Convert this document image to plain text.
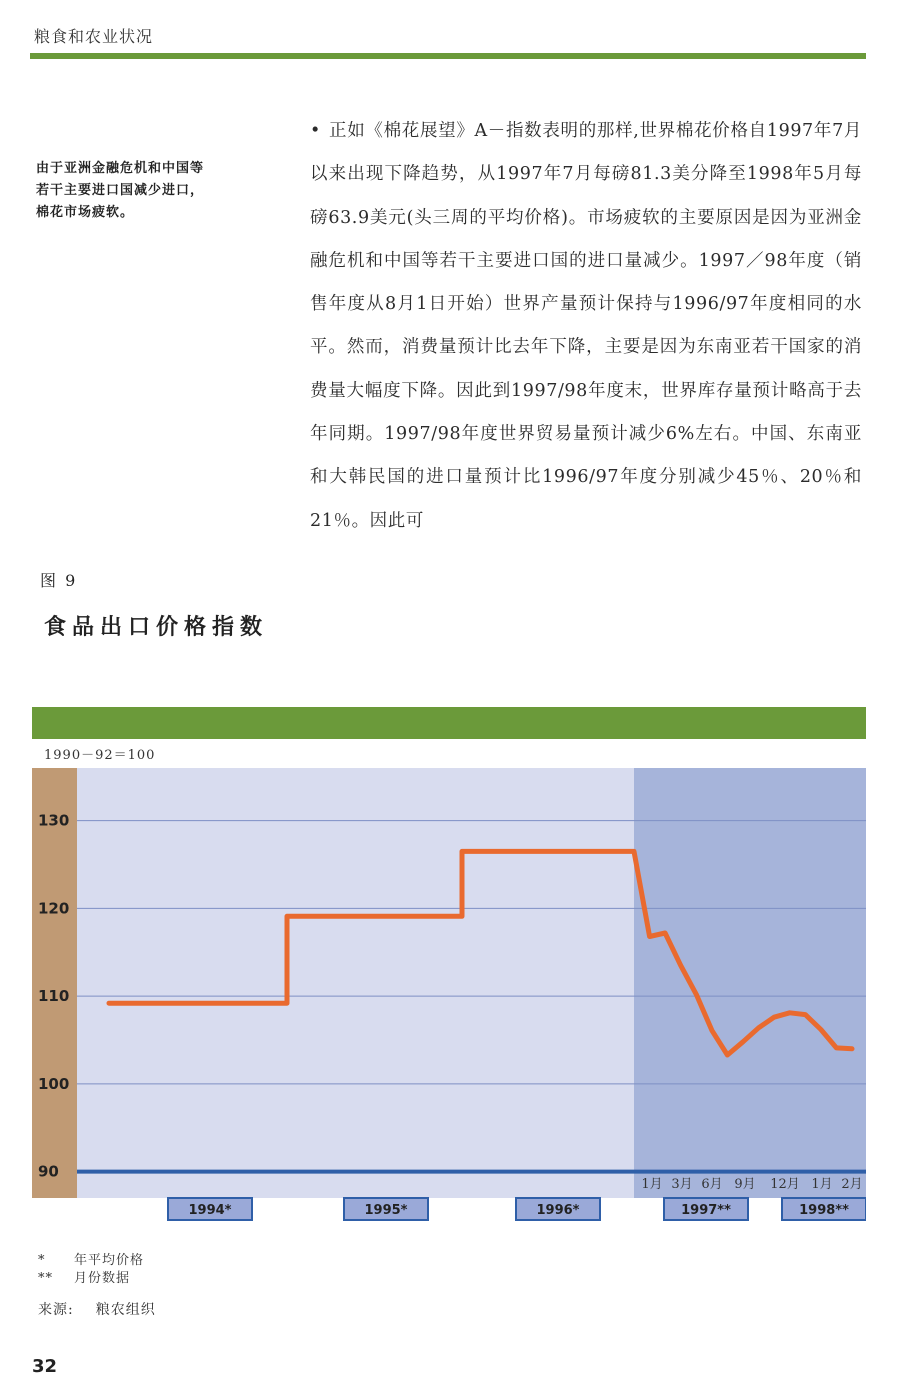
粮食和农业状况
由于亚洲金融危机和中国等
若干主要进口国减少进口，
棉花市场疲软。
• 正如《棉花展望》A－指数表明的那样,世界棉花价格自1997年7月以来出现下降趋势，从1997年7月每磅81.3美分降至1998年5月每磅63.9美元(头三周的平均价格)。市场疲软的主要原因是因为亚洲金融危机和中国等若干主要进口国的进口量减少。1997／98年度（销售年度从8月1日开始）世界产量预计保持与1996/97年度相同的水平。然而，消费量预计比去年下降，主要是因为东南亚若干国家的消费量大幅度下降。因此到1997/98年度末，世界库存量预计略高于去年同期。1997/98年度世界贸易量预计减少6%左右。中国、东南亚和大韩民国的进口量预计比1996/97年度分别减少45％、20％和21％。因此可
图 9
食品出口价格指数
1990－92＝100
130
120
110
100
90
1月 3月 6月 9月 12月 1月 2月
1994*	1995*	1996*	1997**	1998**
* 年平均价格
** 月份数据
来源: 粮农组织
32
